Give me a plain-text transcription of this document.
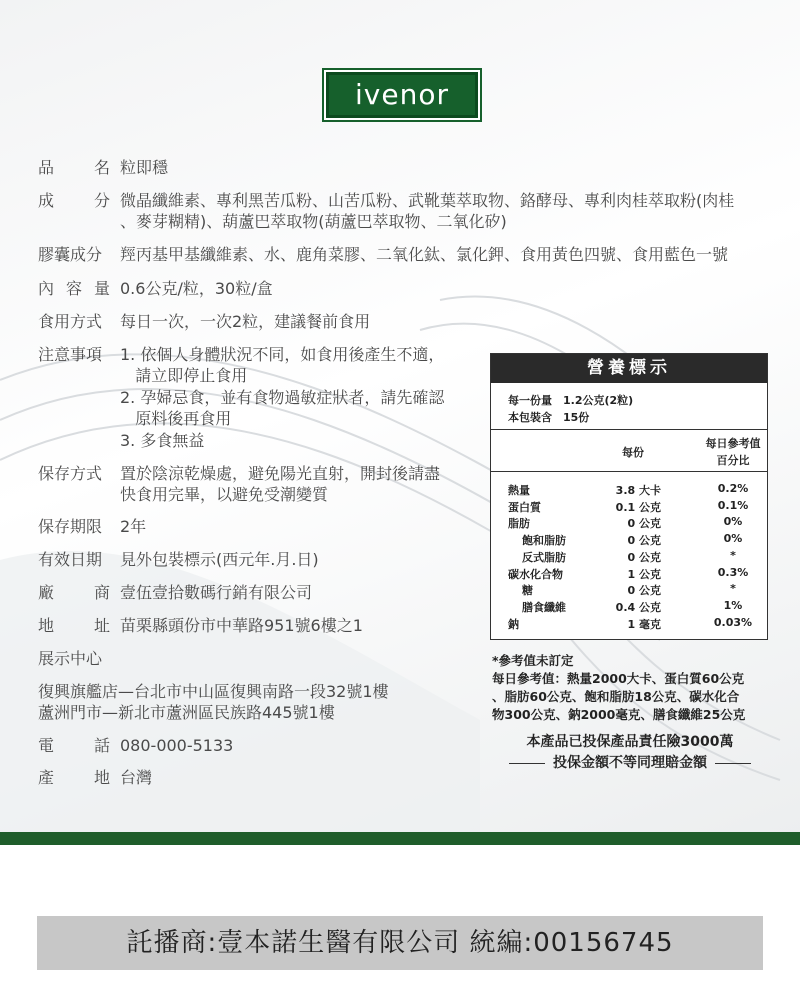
ivenor
品名 粒即穩
成分 微晶纖維素、專利黑苦瓜粉、山苦瓜粉、武靴葉萃取物、鉻酵母、專利肉桂萃取粉(肉桂
、麥芽糊精)、葫蘆巴萃取物(葫蘆巴萃取物、二氧化矽)
膠囊成分 羥丙基甲基纖維素、水、鹿角菜膠、二氧化鈦、氯化鉀、食用黃色四號、食用藍色一號
內容量 0.6公克/粒，30粒/盒
食用方式 每日一次，一次2粒，建議餐前食用
注意事項	1. 依個人身體狀況不同，如食用後產生不適，
請立即停止食用
2. 孕婦忌食，並有食物過敏症狀者，請先確認
原料後再食用
3. 多食無益
保存方式 置於陰涼乾燥處，避免陽光直射，開封後請盡
快食用完畢，以避免受潮變質
保存期限 2年
有效日期 見外包裝標示(西元年.月.日)
廠商 壹伍壹拾數碼行銷有限公司
地址 苗栗縣頭份市中華路951號6樓之1
展示中心
復興旗艦店—台北市中山區復興南路一段32號1樓
蘆洲門市—新北市蘆洲區民族路445號1樓
電話 080-000-5133
產地 台灣
營養標示
每一份量　1.2公克(2粒)
本包裝含　15份
每份
每日參考值
百分比
熱量	3.8 大卡	0.2%
蛋白質	0.1 公克	0.1%
脂肪	0 公克	0%
飽和脂肪	0 公克	0%
反式脂肪	0 公克	*
碳水化合物	1 公克	0.3%
糖	0 公克	*
膳食纖維	0.4 公克	1%
鈉	1 毫克	0.03%
*參考值未訂定
每日參考值：熱量2000大卡、蛋白質60公克
、脂肪60公克、飽和脂肪18公克、碳水化合
物300公克、鈉2000毫克、膳食纖維25公克
本產品已投保產品責任險3000萬
投保金額不等同理賠金額
託播商:壹本諾生醫有限公司 統編:00156745
